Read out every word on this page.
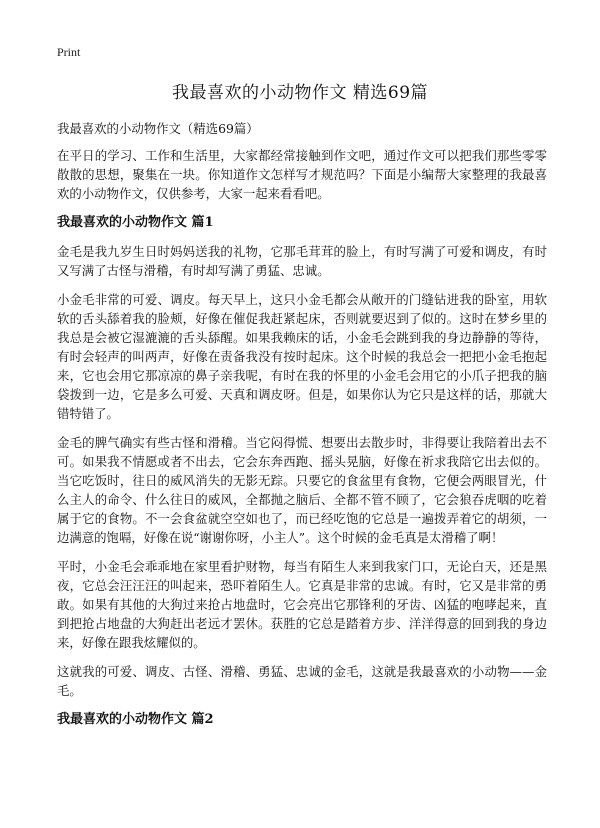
Print
我最喜欢的小动物作文 精选69篇

我最喜欢的小动物作文（精选69篇）

在平日的学习、工作和生活里，大家都经常接触到作文吧，通过作文可以把我们那些零零散散的思想，聚集在一块。你知道作文怎样写才规范吗？下面是小编帮大家整理的我最喜欢的小动物作文，仅供参考，大家一起来看看吧。

我最喜欢的小动物作文 篇1

金毛是我九岁生日时妈妈送我的礼物，它那毛茸茸的脸上，有时写满了可爱和调皮，有时又写满了古怪与滑稽，有时却写满了勇猛、忠诚。

小金毛非常的可爱、调皮。每天早上，这只小金毛都会从敞开的门缝钻进我的卧室，用软软的舌头舔着我的脸颊，好像在催促我赶紧起床，否则就要迟到了似的。这时在梦乡里的我总是会被它湿漉漉的舌头舔醒。如果我赖床的话，小金毛会跳到我的身边静静的等待，有时会轻声的叫两声，好像在责备我没有按时起床。这个时候的我总会一把把小金毛抱起来，它也会用它那凉凉的鼻子亲我呢，有时在我的怀里的小金毛会用它的小爪子把我的脑袋拨到一边，它是多么可爱、天真和调皮呀。但是，如果你认为它只是这样的话，那就大错特错了。

金毛的脾气确实有些古怪和滑稽。当它闷得慌、想要出去散步时，非得要让我陪着出去不可。如果我不情愿或者不出去，它会东奔西跑、摇头晃脑，好像在祈求我陪它出去似的。当它吃饭时，往日的威风消失的无影无踪。只要它的食盆里有食物，它便会两眼冒光，什么主人的命令、什么往日的威风，全都抛之脑后、全都不管不顾了，它会狼吞虎咽的吃着属于它的食物。不一会食盆就空空如也了，而已经吃饱的它总是一遍拨弄着它的胡须，一边满意的饱嗝，好像在说“谢谢你呀，小主人”。这个时候的金毛真是太滑稽了啊！

平时，小金毛会乖乖地在家里看护财物，每当有陌生人来到我家门口，无论白天，还是黑夜，它总会汪汪汪的叫起来，恐吓着陌生人。它真是非常的忠诚。有时，它又是非常的勇敢。如果有其他的大狗过来抢占地盘时，它会亮出它那锋利的牙齿、凶猛的咆哮起来，直到把抢占地盘的大狗赶出老远才罢休。获胜的它总是踏着方步、洋洋得意的回到我的身边来，好像在跟我炫耀似的。

这就我的可爱、调皮、古怪、滑稽、勇猛、忠诚的金毛，这就是我最喜欢的小动物——金毛。

我最喜欢的小动物作文 篇2
